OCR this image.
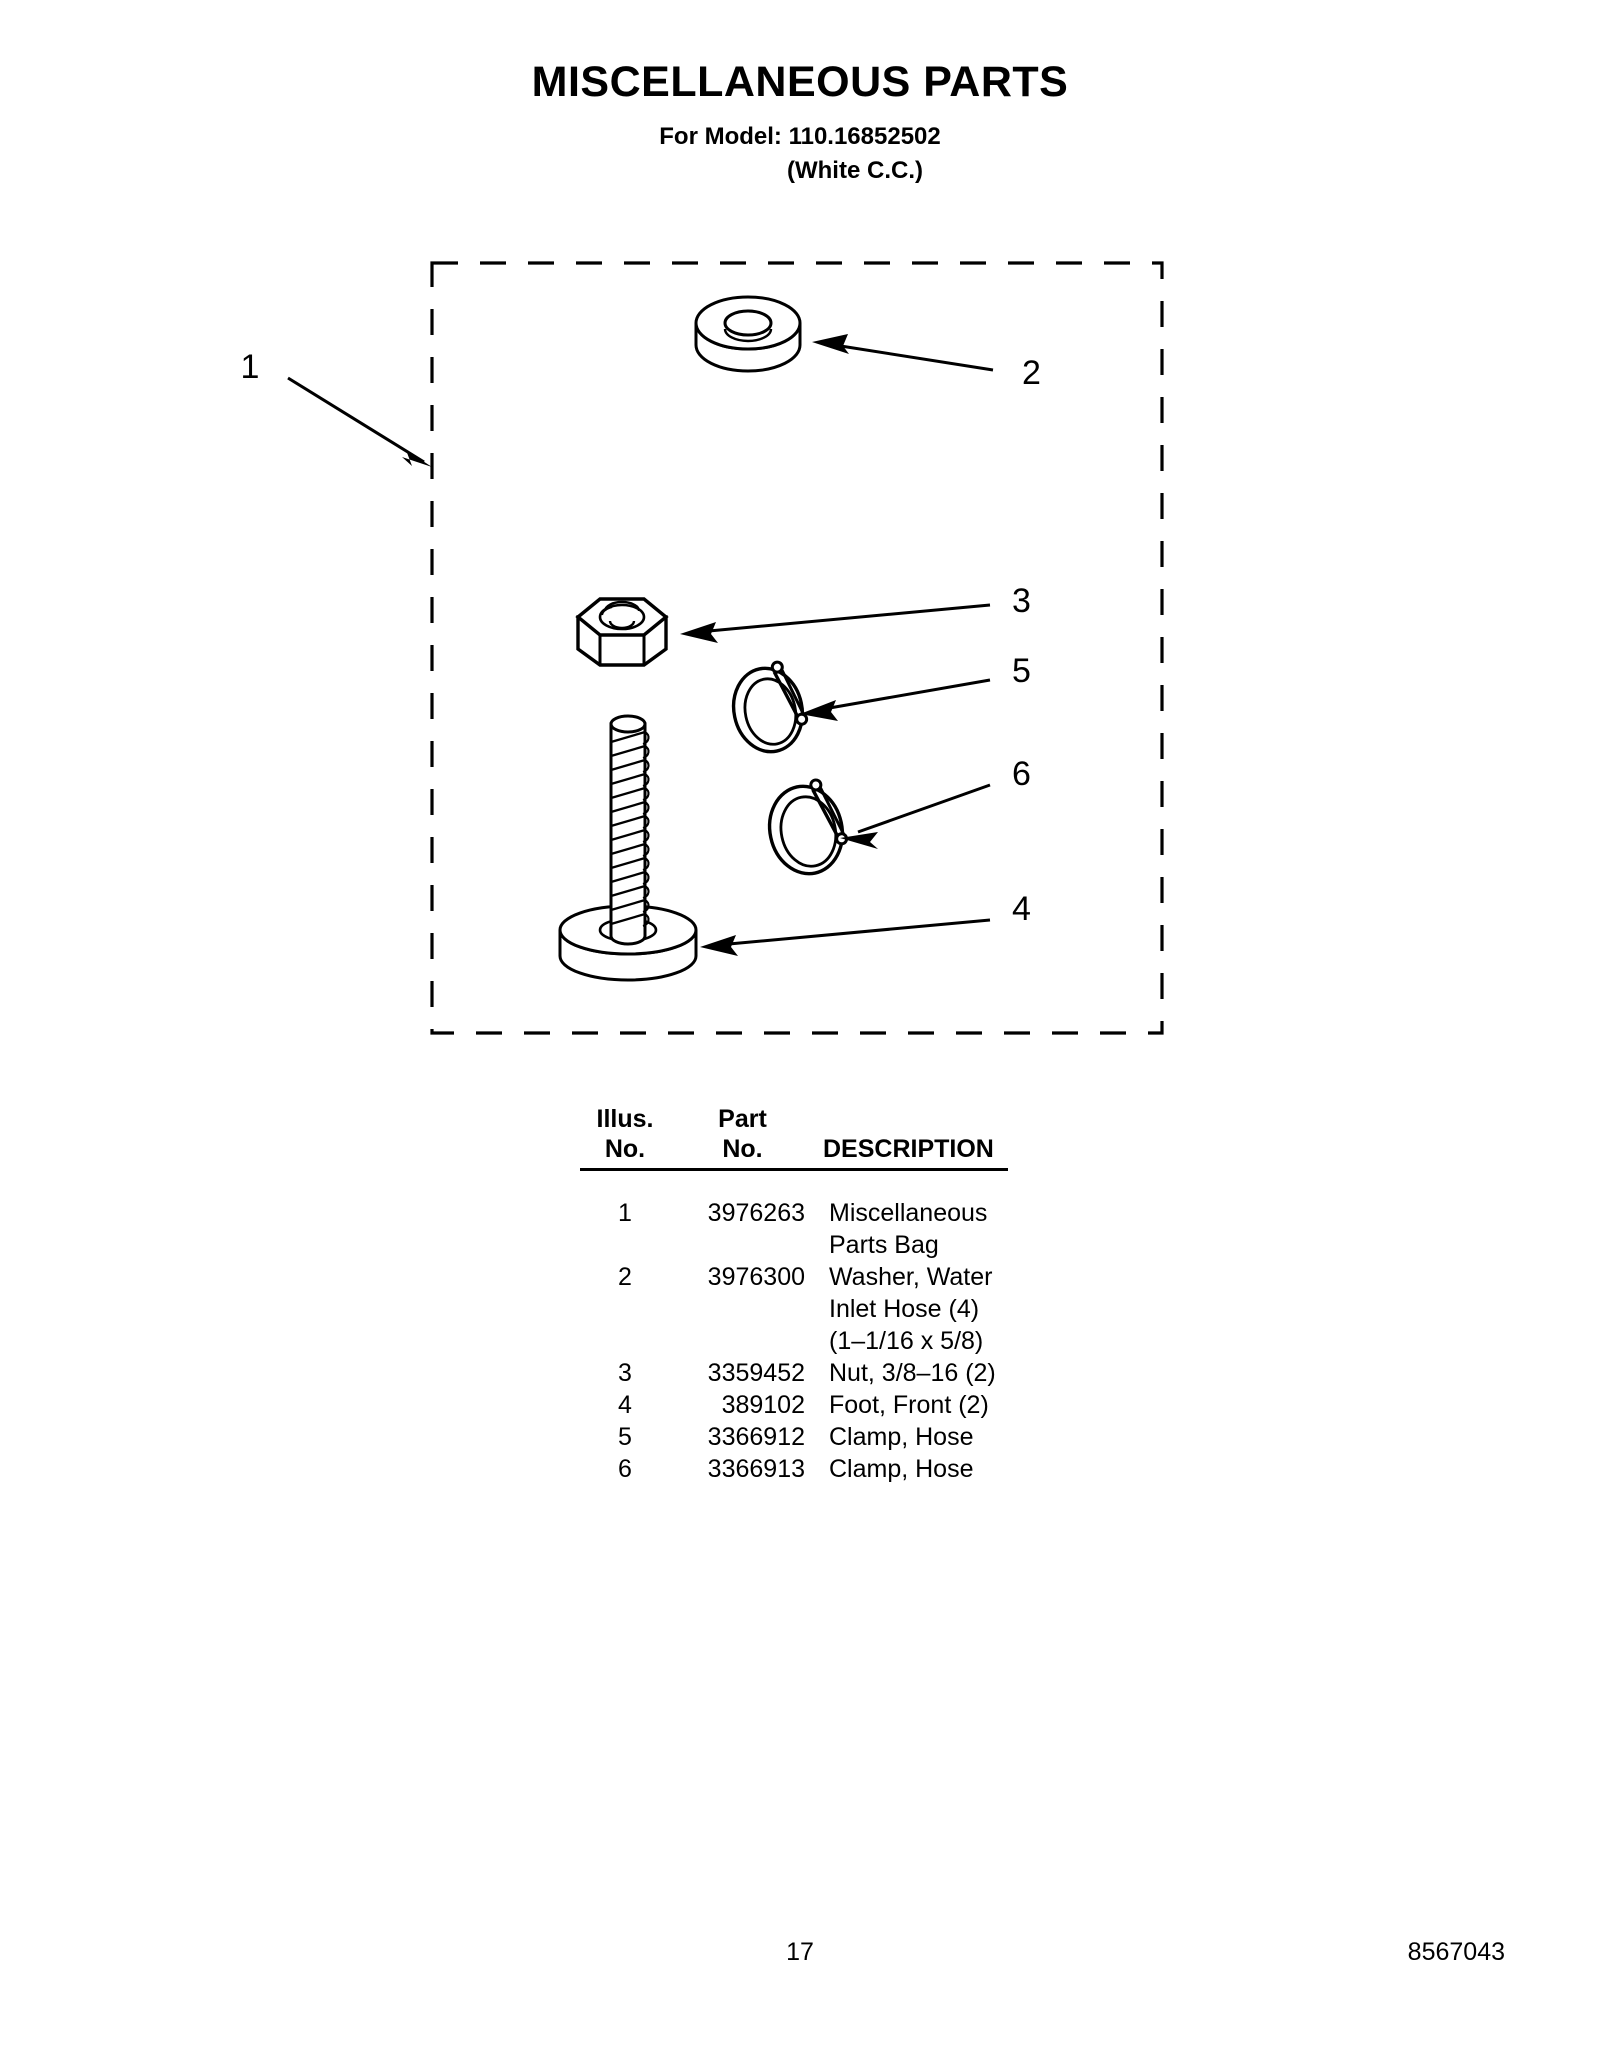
MISCELLANEOUS PARTS

For Model: 110.16852502

(White C.C.)

1	2
3
5
6
4
Illus.	Part
No.	No.	DESCRIPTION
1	3976263 Miscellaneous
Parts Bag
2	3976300 Washer, Water
Inlet Hose (4)
(1–1/16 x 5/8)
3	3359452 Nut, 3/8–16 (2)
4	389102 Foot, Front (2)
5	3366912 Clamp, Hose
6	3366913 Clamp, Hose
17	8567043
